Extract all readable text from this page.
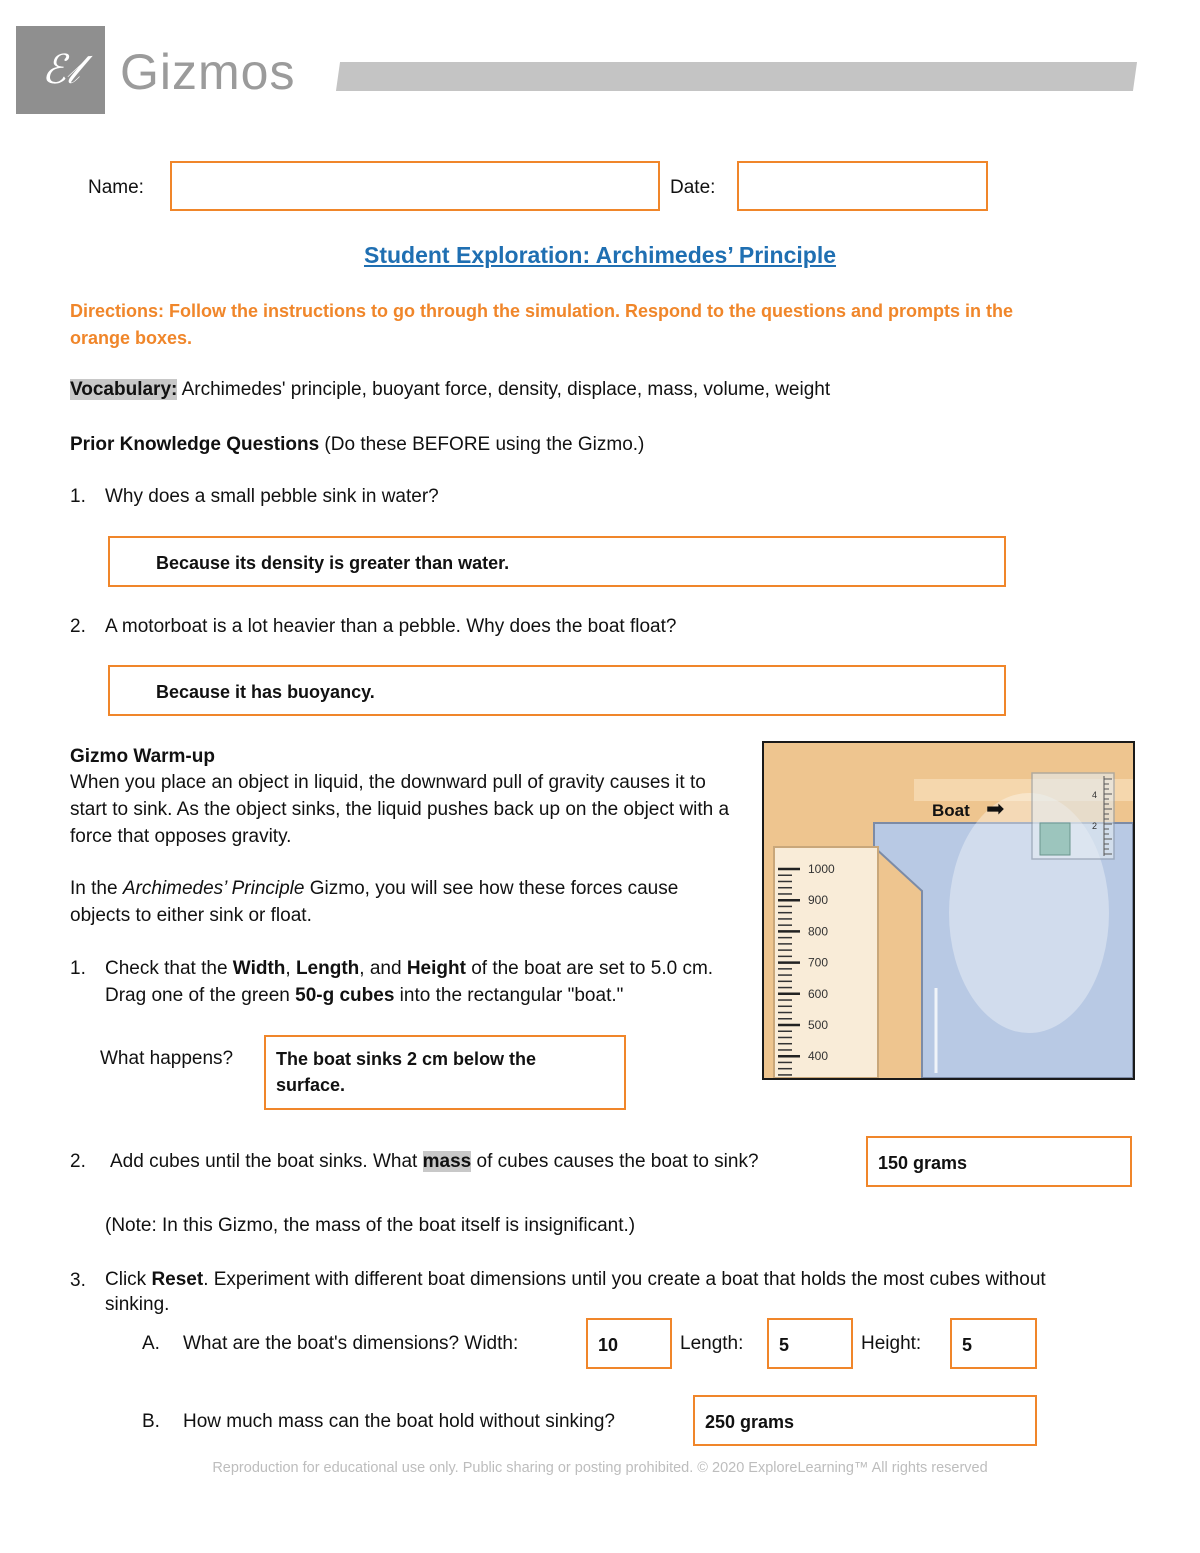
ℰ𝓁 Gizmos
Name:	Date:
Student Exploration: Archimedes’ Principle
Directions: Follow the instructions to go through the simulation. Respond to the questions and prompts in the orange boxes.
Vocabulary: Archimedes' principle, buoyant force, density, displace, mass, volume, weight
Prior Knowledge Questions (Do these BEFORE using the Gizmo.)
1. Why does a small pebble sink in water?
Because its density is greater than water.
2. A motorboat is a lot heavier than a pebble. Why does the boat float?
Because it has buoyancy.
Gizmo Warm-up
When you place an object in liquid, the downward pull of gravity causes it to start to sink. As the object sinks, the liquid pushes back up on the object with a force that opposes gravity.
In the Archimedes’ Principle Gizmo, you will see how these forces cause objects to either sink or float.
1. Check that the Width, Length, and Height of the boat are set to 5.0 cm. Drag one of the green 50-g cubes into the rectangular "boat."
What happens? The boat sinks 2 cm below the surface.
1000
900
800
700
600
500
400
4
2
Boat ➡
2. Add cubes until the boat sinks. What mass of cubes causes the boat to sink?	150 grams
(Note: In this Gizmo, the mass of the boat itself is insignificant.)
3. Click Reset. Experiment with different boat dimensions until you create a boat that holds the most cubes without sinking.
A. What are the boat's dimensions? Width:	10	Length: 5	Height: 5
B. How much mass can the boat hold without sinking?	250 grams
Reproduction for educational use only. Public sharing or posting prohibited. © 2020 ExploreLearning™ All rights reserved
